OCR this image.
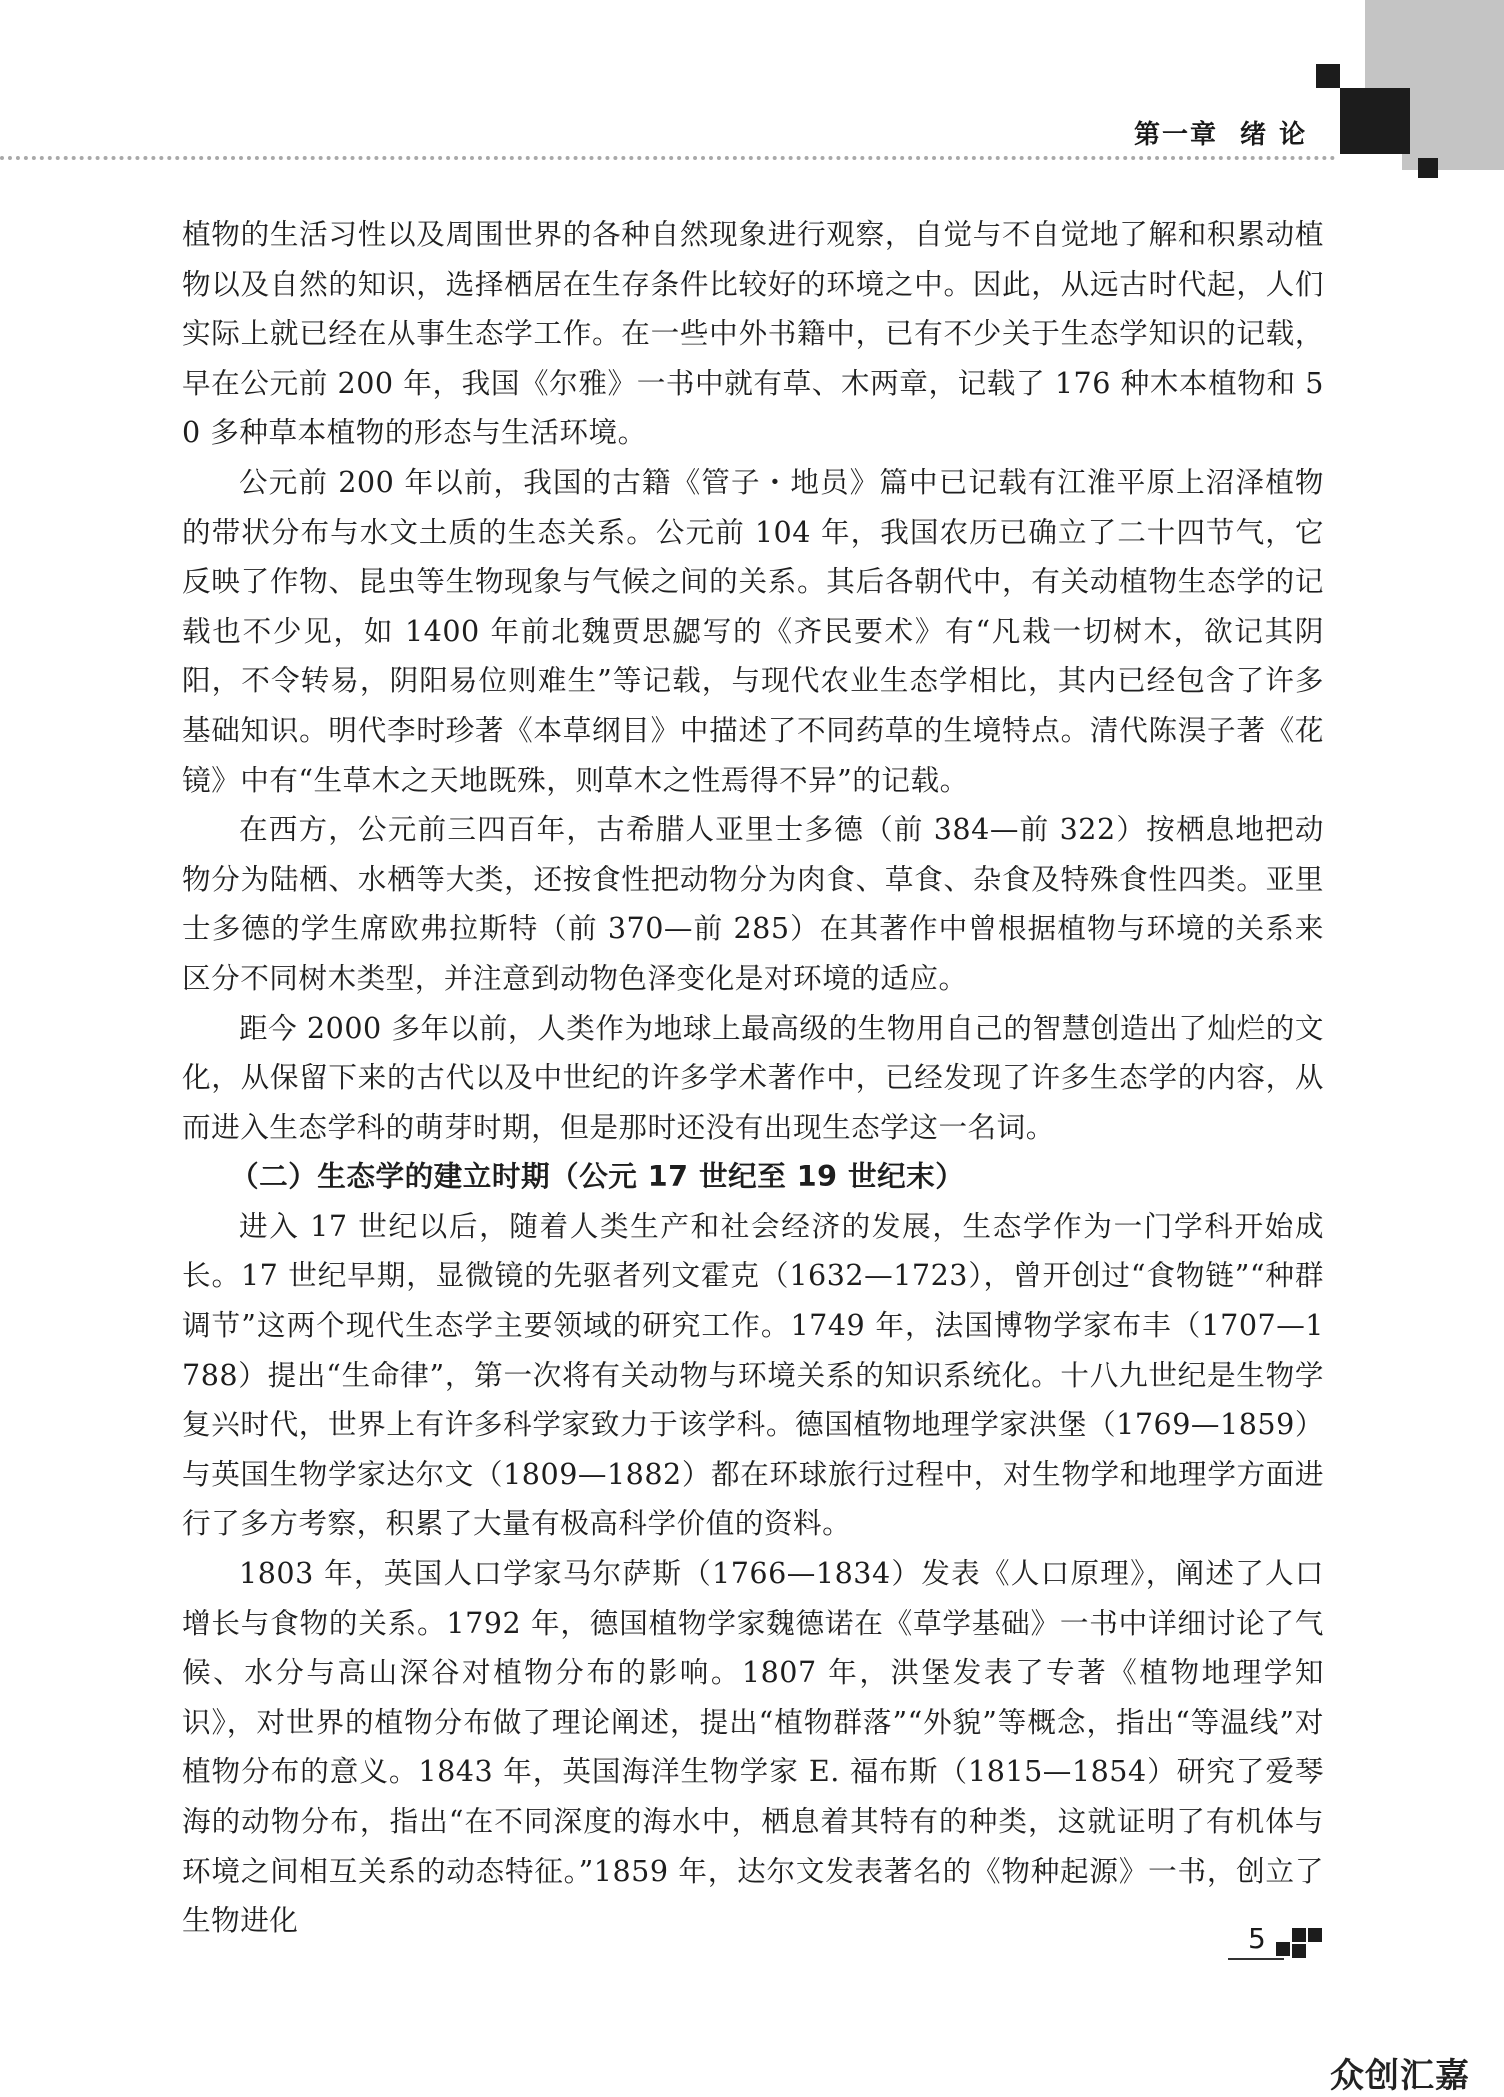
第一章 绪 论

植物的生活习性以及周围世界的各种自然现象进行观察，自觉与不自觉地了解和积累动植物以及自然的知识，选择栖居在生存条件比较好的环境之中。因此，从远古时代起，人们实际上就已经在从事生态学工作。在一些中外书籍中，已有不少关于生态学知识的记载，早在公元前 200 年，我国《尔雅》一书中就有草、木两章，记载了 176 种木本植物和 50 多种草本植物的形态与生活环境。

公元前 200 年以前，我国的古籍《管子・地员》篇中已记载有江淮平原上沼泽植物的带状分布与水文土质的生态关系。公元前 104 年，我国农历已确立了二十四节气，它反映了作物、昆虫等生物现象与气候之间的关系。其后各朝代中，有关动植物生态学的记载也不少见，如 1400 年前北魏贾思勰写的《齐民要术》有“凡栽一切树木，欲记其阴阳，不令转易，阴阳易位则难生”等记载，与现代农业生态学相比，其内已经包含了许多基础知识。明代李时珍著《本草纲目》中描述了不同药草的生境特点。清代陈淏子著《花镜》中有“生草木之天地既殊，则草木之性焉得不异”的记载。

在西方，公元前三四百年，古希腊人亚里士多德（前 384—前 322）按栖息地把动物分为陆栖、水栖等大类，还按食性把动物分为肉食、草食、杂食及特殊食性四类。亚里士多德的学生席欧弗拉斯特（前 370—前 285）在其著作中曾根据植物与环境的关系来区分不同树木类型，并注意到动物色泽变化是对环境的适应。

距今 2000 多年以前，人类作为地球上最高级的生物用自己的智慧创造出了灿烂的文化，从保留下来的古代以及中世纪的许多学术著作中，已经发现了许多生态学的内容，从而进入生态学科的萌芽时期，但是那时还没有出现生态学这一名词。

（二）生态学的建立时期（公元 17 世纪至 19 世纪末）

进入 17 世纪以后，随着人类生产和社会经济的发展，生态学作为一门学科开始成长。17 世纪早期，显微镜的先驱者列文霍克（1632—1723），曾开创过“食物链”“种群调节”这两个现代生态学主要领域的研究工作。1749 年，法国博物学家布丰（1707—1788）提出“生命律”，第一次将有关动物与环境关系的知识系统化。十八九世纪是生物学复兴时代，世界上有许多科学家致力于该学科。德国植物地理学家洪堡（1769—1859）与英国生物学家达尔文（1809—1882）都在环球旅行过程中，对生物学和地理学方面进行了多方考察，积累了大量有极高科学价值的资料。

1803 年，英国人口学家马尔萨斯（1766—1834）发表《人口原理》，阐述了人口增长与食物的关系。1792 年，德国植物学家魏德诺在《草学基础》一书中详细讨论了气候、水分与高山深谷对植物分布的影响。1807 年，洪堡发表了专著《植物地理学知识》，对世界的植物分布做了理论阐述，提出“植物群落”“外貌”等概念，指出“等温线”对植物分布的意义。1843 年，英国海洋生物学家 E. 福布斯（1815—1854）研究了爱琴海的动物分布，指出“在不同深度的海水中，栖息着其特有的种类，这就证明了有机体与环境之间相互关系的动态特征。”1859 年，达尔文发表著名的《物种起源》一书，创立了生物进化

5
众创汇嘉
